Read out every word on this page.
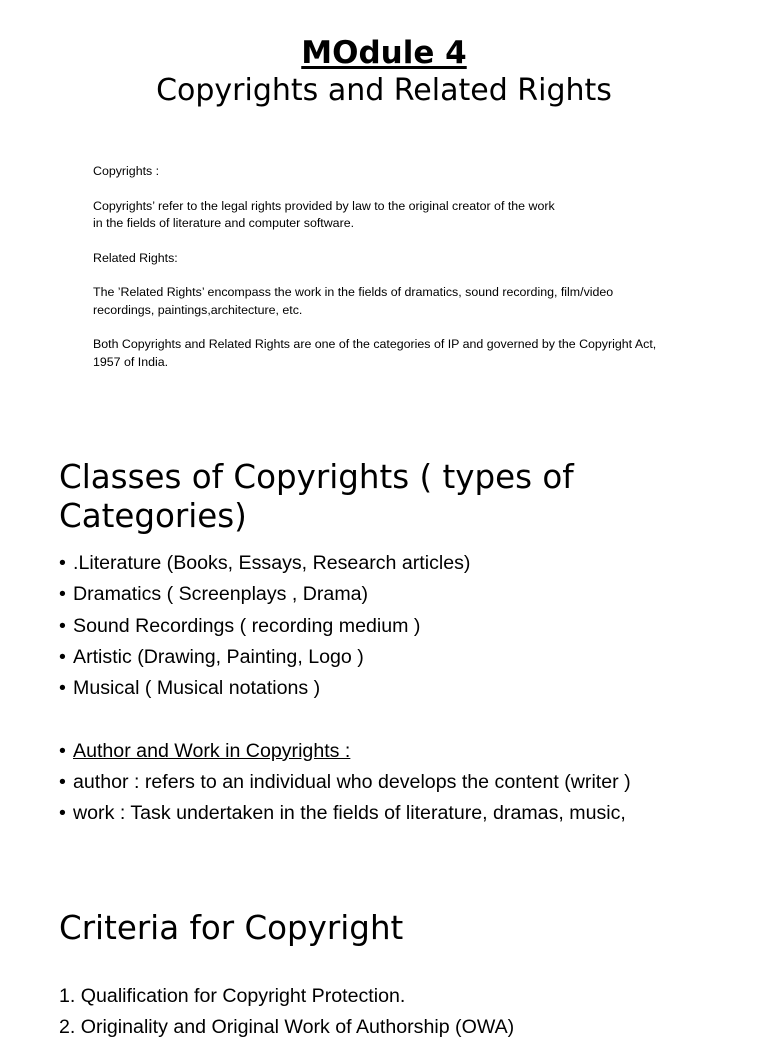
MOdule 4
Copyrights and Related Rights

Copyrights :

Copyrights’ refer to the legal rights provided by law to the original creator of the work
in the fields of literature and computer software.

Related Rights:

The ’Related Rights’ encompass the work in the fields of dramatics, sound recording, film/video
recordings, paintings,architecture, etc.

Both Copyrights and Related Rights are one of the categories of IP and governed by the Copyright Act,
1957 of India.

Classes of Copyrights ( types of
Categories)
• .Literature (Books, Essays, Research articles)
• Dramatics ( Screenplays , Drama)
• Sound Recordings ( recording medium )
• Artistic (Drawing, Painting, Logo )
• Musical ( Musical notations )
• Author and Work in Copyrights :
• author : refers to an individual who develops the content (writer )
• work : Task undertaken in the fields of literature, dramas, music,
Criteria for Copyright
1. Qualification for Copyright Protection.
2. Originality and Original Work of Authorship (OWA)
